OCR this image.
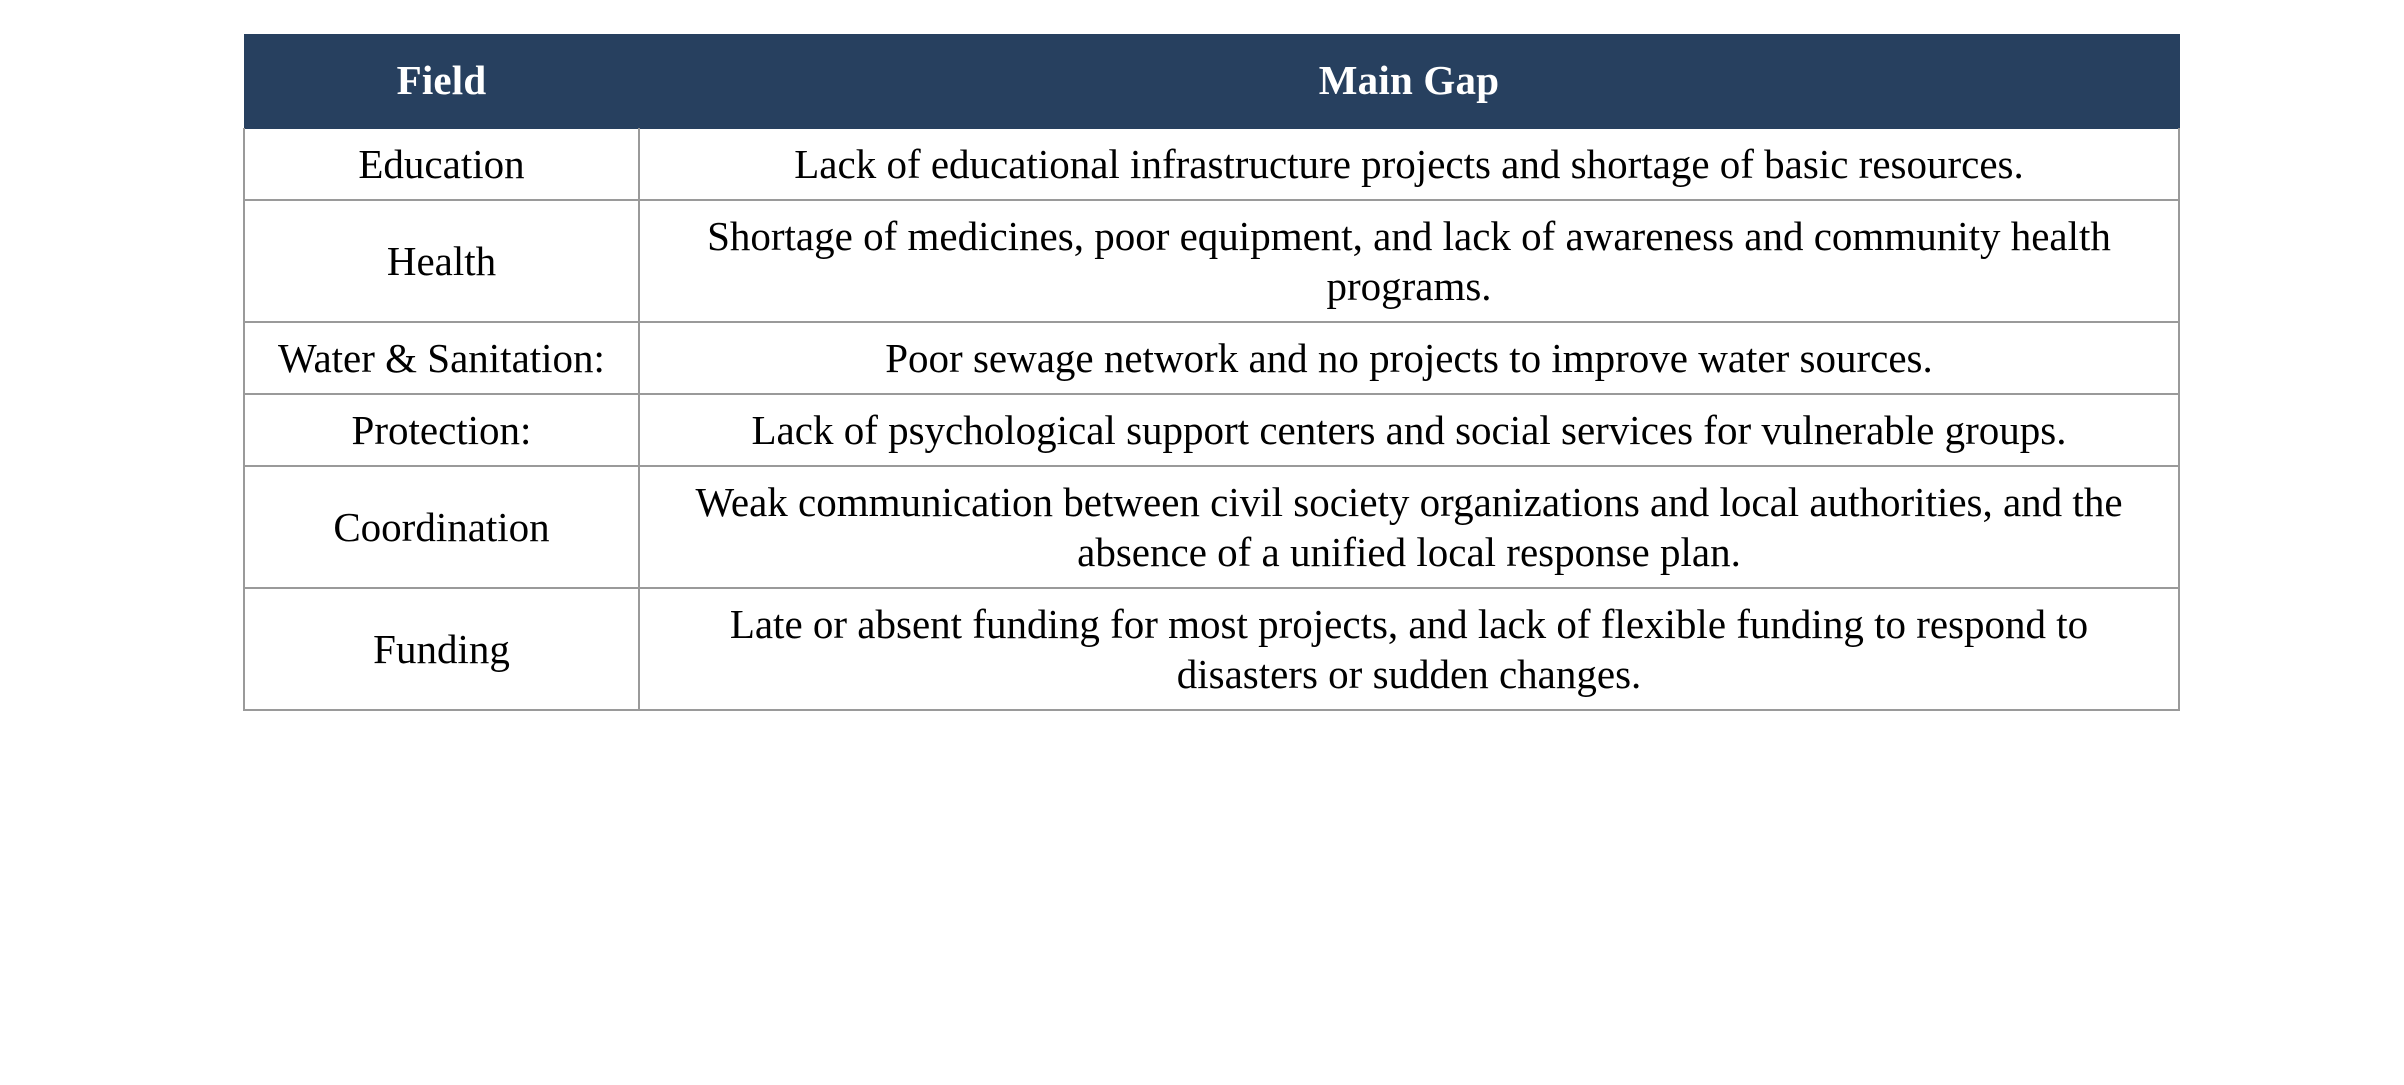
Field	Main Gap
Education	Lack of educational infrastructure projects and shortage of basic resources.
Health	Shortage of medicines, poor equipment, and lack of awareness and community health programs.
Water & Sanitation:	Poor sewage network and no projects to improve water sources.
Protection:	Lack of psychological support centers and social services for vulnerable groups.
Coordination	Weak communication between civil society organizations and local authorities, and the absence of a unified local response plan.
Funding	Late or absent funding for most projects, and lack of flexible funding to respond to disasters or sudden changes.
